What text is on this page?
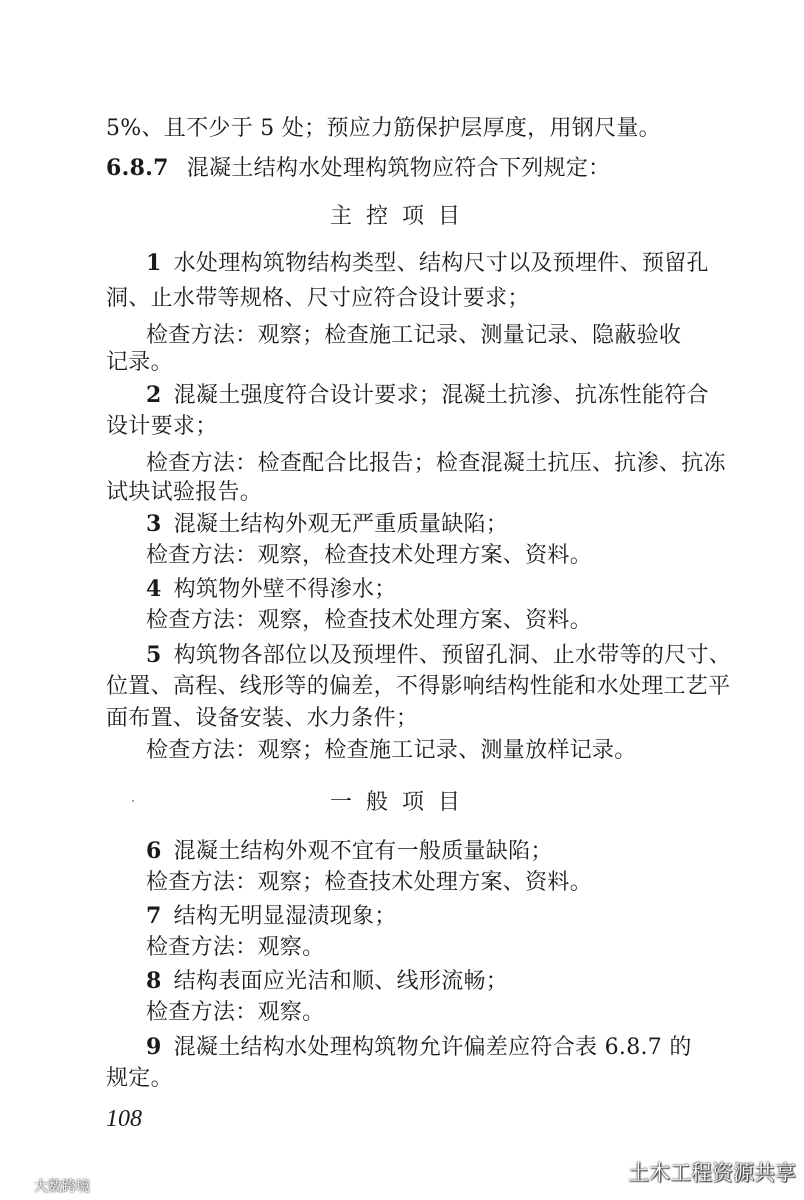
5%、且不少于 5 处；预应力筋保护层厚度，用钢尺量。
6.8.7 混凝土结构水处理构筑物应符合下列规定：
主控项目
1 水处理构筑物结构类型、结构尺寸以及预埋件、预留孔
洞、止水带等规格、尺寸应符合设计要求；
检查方法：观察；检查施工记录、测量记录、隐蔽验收
记录。
2 混凝土强度符合设计要求；混凝土抗渗、抗冻性能符合
设计要求；
检查方法：检查配合比报告；检查混凝土抗压、抗渗、抗冻
试块试验报告。
3 混凝土结构外观无严重质量缺陷；
检查方法：观察，检查技术处理方案、资料。
4 构筑物外壁不得渗水；
检查方法：观察，检查技术处理方案、资料。
5 构筑物各部位以及预埋件、预留孔洞、止水带等的尺寸、
位置、高程、线形等的偏差，不得影响结构性能和水处理工艺平
面布置、设备安装、水力条件；
检查方法：观察；检查施工记录、测量放样记录。
一般项目
6 混凝土结构外观不宜有一般质量缺陷；
检查方法：观察；检查技术处理方案、资料。
7 结构无明显湿渍现象；
检查方法：观察。
8 结构表面应光洁和顺、线形流畅；
检查方法：观察。
9 混凝土结构水处理构筑物允许偏差应符合表 6.8.7 的
规定。
108
土木工程资源共享
大数跨境
